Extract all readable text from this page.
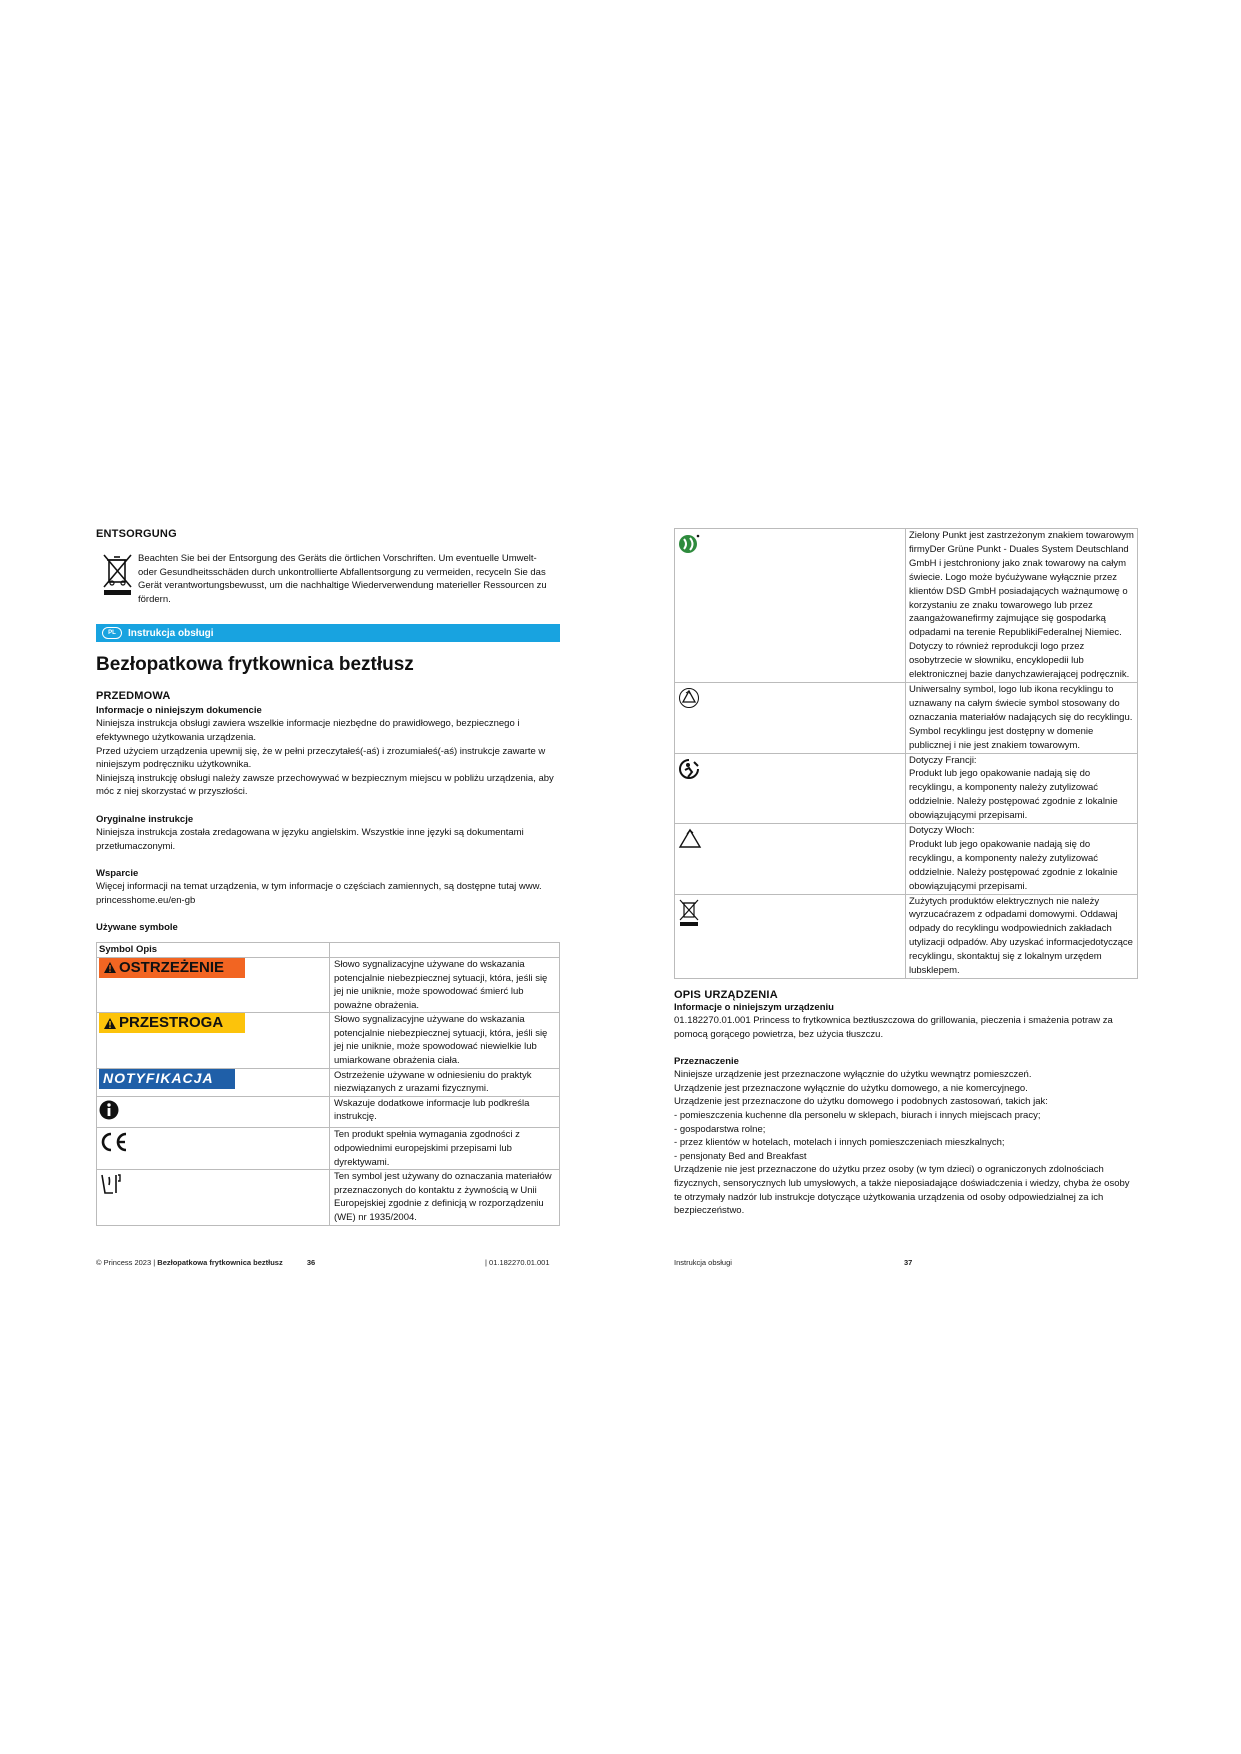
ENTSORGUNG

Beachten Sie bei der Entsorgung des Geräts die örtlichen Vorschriften. Um eventuelle Umwelt- oder Gesundheitsschäden durch unkontrollierte Abfallentsorgung zu vermeiden, recyceln Sie das Gerät verantwortungsbewusst, um die nachhaltige Wiederverwendung materieller Ressourcen zu fördern.

PL	Instrukcja obsługi
Bezłopatkowa frytkownica beztłusz
PRZEDMOWA

Informacje o niniejszym dokumencie

Niniejsza instrukcja obsługi zawiera wszelkie informacje niezbędne do prawidłowego, bezpiecznego i efektywnego użytkowania urządzenia.

Przed użyciem urządzenia upewnij się, że w pełni przeczytałeś(-aś) i zrozumiałeś(-aś) instrukcje zawarte w niniejszym podręczniku użytkownika.

Niniejszą instrukcję obsługi należy zawsze przechowywać w bezpiecznym miejscu w pobliżu urządzenia, aby móc z niej skorzystać w przyszłości.

Oryginalne instrukcje

Niniejsza instrukcja została zredagowana w języku angielskim. Wszystkie inne języki są dokumentami przetłumaczonymi.

Wsparcie

Więcej informacji na temat urządzenia, w tym informacje o częściach zamiennych, są dostępne tutaj www. princesshome.eu/en-gb

Używane symbole

Symbol Opis	

OSTRZEŻENIE	Słowo sygnalizacyjne używane do wskazania potencjalnie niebezpiecznej sytuacji, która, jeśli się jej nie uniknie, może spowodować śmierć lub poważne obrażenia.

PRZESTROGA	Słowo sygnalizacyjne używane do wskazania potencjalnie niebezpiecznej sytuacji, która, jeśli się jej nie uniknie, może spowodować niewielkie lub umiarkowane obrażenia ciała.

NOTYFIKACJA	Ostrzeżenie używane w odniesieniu do praktyk niezwiązanych z urazami fizycznymi.
	Wskazuje dodatkowe informacje lub podkreśla instrukcję.
	Ten produkt spełnia wymagania zgodności z odpowiednimi europejskimi przepisami lub dyrektywami.
	Ten symbol jest używany do oznaczania materiałów przeznaczonych do kontaktu z żywnością w Unii Europejskiej zgodnie z definicją w rozporządzeniu (WE) nr 1935/2004.
© Princess 2023 | Bezłopatkowa frytkownica beztłusz	36	| 01.182270.01.001
	Zielony Punkt jest zastrzeżonym znakiem towarowym firmyDer Grüne Punkt - Duales System Deutschland GmbH i jestchroniony jako znak towarowy na całym świecie. Logo może byćużywane wyłącznie przez klientów DSD GmbH posiadających ważnąumowę o korzystaniu ze znaku towarowego lub przez zaangażowanefirmy zajmujące się gospodarką odpadami na terenie RepublikiFederalnej Niemiec. Dotyczy to również reprodukcji logo przez osobytrzecie w słowniku, encyklopedii lub elektronicznej bazie danychzawierającej podręcznik.
	Uniwersalny symbol, logo lub ikona recyklingu to uznawany na całym świecie symbol stosowany do oznaczania materiałów nadających się do recyklingu. Symbol recyklingu jest dostępny w domenie publicznej i nie jest znakiem towarowym.
	Dotyczy Francji:
Produkt lub jego opakowanie nadają się do recyklingu, a komponenty należy zutylizować oddzielnie. Należy postępować zgodnie z lokalnie obowiązującymi przepisami.
	Dotyczy Włoch:
Produkt lub jego opakowanie nadają się do recyklingu, a komponenty należy zutylizować oddzielnie. Należy postępować zgodnie z lokalnie obowiązującymi przepisami.
	Zużytych produktów elektrycznych nie należy wyrzucaćrazem z odpadami domowymi. Oddawaj odpady do recyklingu wodpowiednich zakładach utylizacji odpadów. Aby uzyskać informacjedotyczące recyklingu, skontaktuj się z lokalnym urzędem lubsklepem.
OPIS URZĄDZENIA

Informacje o niniejszym urządzeniu

01.182270.01.001 Princess to frytkownica beztłuszczowa do grillowania, pieczenia i smażenia potraw za pomocą gorącego powietrza, bez użycia tłuszczu.

Przeznaczenie

Niniejsze urządzenie jest przeznaczone wyłącznie do użytku wewnątrz pomieszczeń.

Urządzenie jest przeznaczone wyłącznie do użytku domowego, a nie komercyjnego.

Urządzenie jest przeznaczone do użytku domowego i podobnych zastosowań, takich jak:

- pomieszczenia kuchenne dla personelu w sklepach, biurach i innych miejscach pracy;
- gospodarstwa rolne;
- przez klientów w hotelach, motelach i innych pomieszczeniach mieszkalnych;
- pensjonaty Bed and Breakfast

Urządzenie nie jest przeznaczone do użytku przez osoby (w tym dzieci) o ograniczonych zdolnościach fizycznych, sensorycznych lub umysłowych, a także nieposiadające doświadczenia i wiedzy, chyba że osoby te otrzymały nadzór lub instrukcje dotyczące użytkowania urządzenia od osoby odpowiedzialnej za ich bezpieczeństwo.

Instrukcja obsługi	37
